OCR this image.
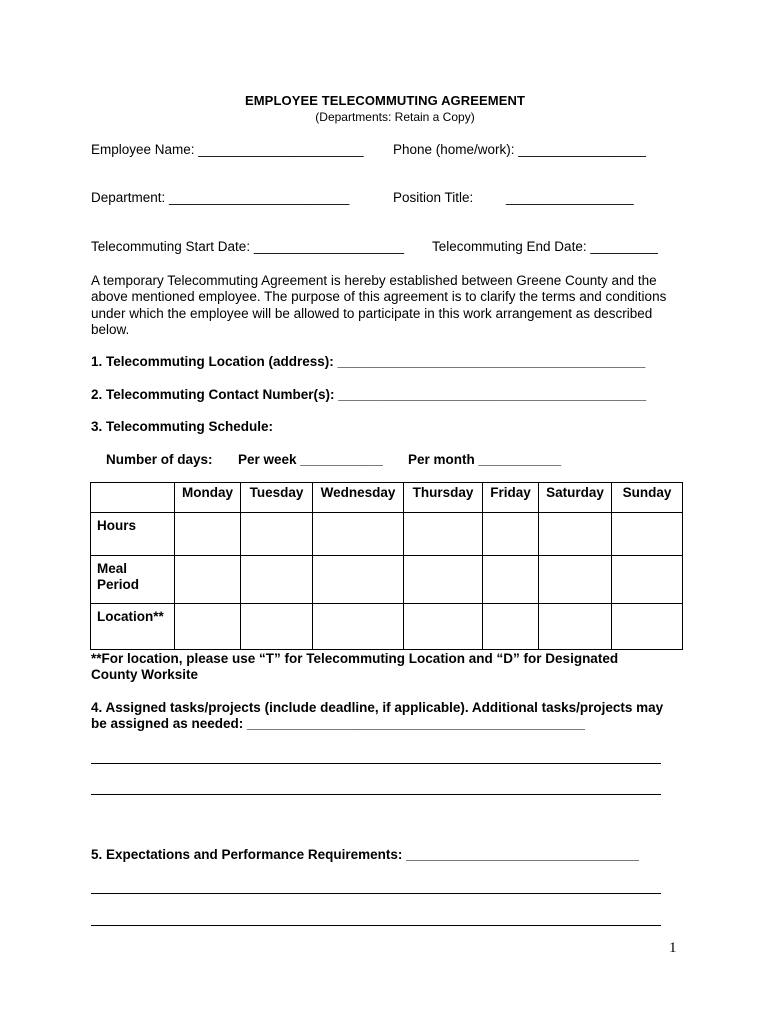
EMPLOYEE TELECOMMUTING AGREEMENT
(Departments: Retain a Copy)
Employee Name: ______________________ Phone (home/work): _________________
Department: ________________________	Position Title: _________________
Telecommuting Start Date: ____________________ Telecommuting End Date: _________
A temporary Telecommuting Agreement is hereby established between Greene County and the above mentioned employee. The purpose of this agreement is to clarify the terms and conditions under which the employee will be allowed to participate in this work arrangement as described below.
1. Telecommuting Location (address): _________________________________________
2. Telecommuting Contact Number(s): _________________________________________
3. Telecommuting Schedule:
Number of days: Per week ___________ Per month ___________
	Monday	Tuesday	Wednesday	Thursday	Friday	Saturday	Sunday
Hours							
Meal Period							
Location**							
**For location, please use “T” for Telecommuting Location and “D” for Designated County Worksite
4. Assigned tasks/projects (include deadline, if applicable). Additional tasks/projects may be assigned as needed: _____________________________________________
5. Expectations and Performance Requirements: _______________________________
1
